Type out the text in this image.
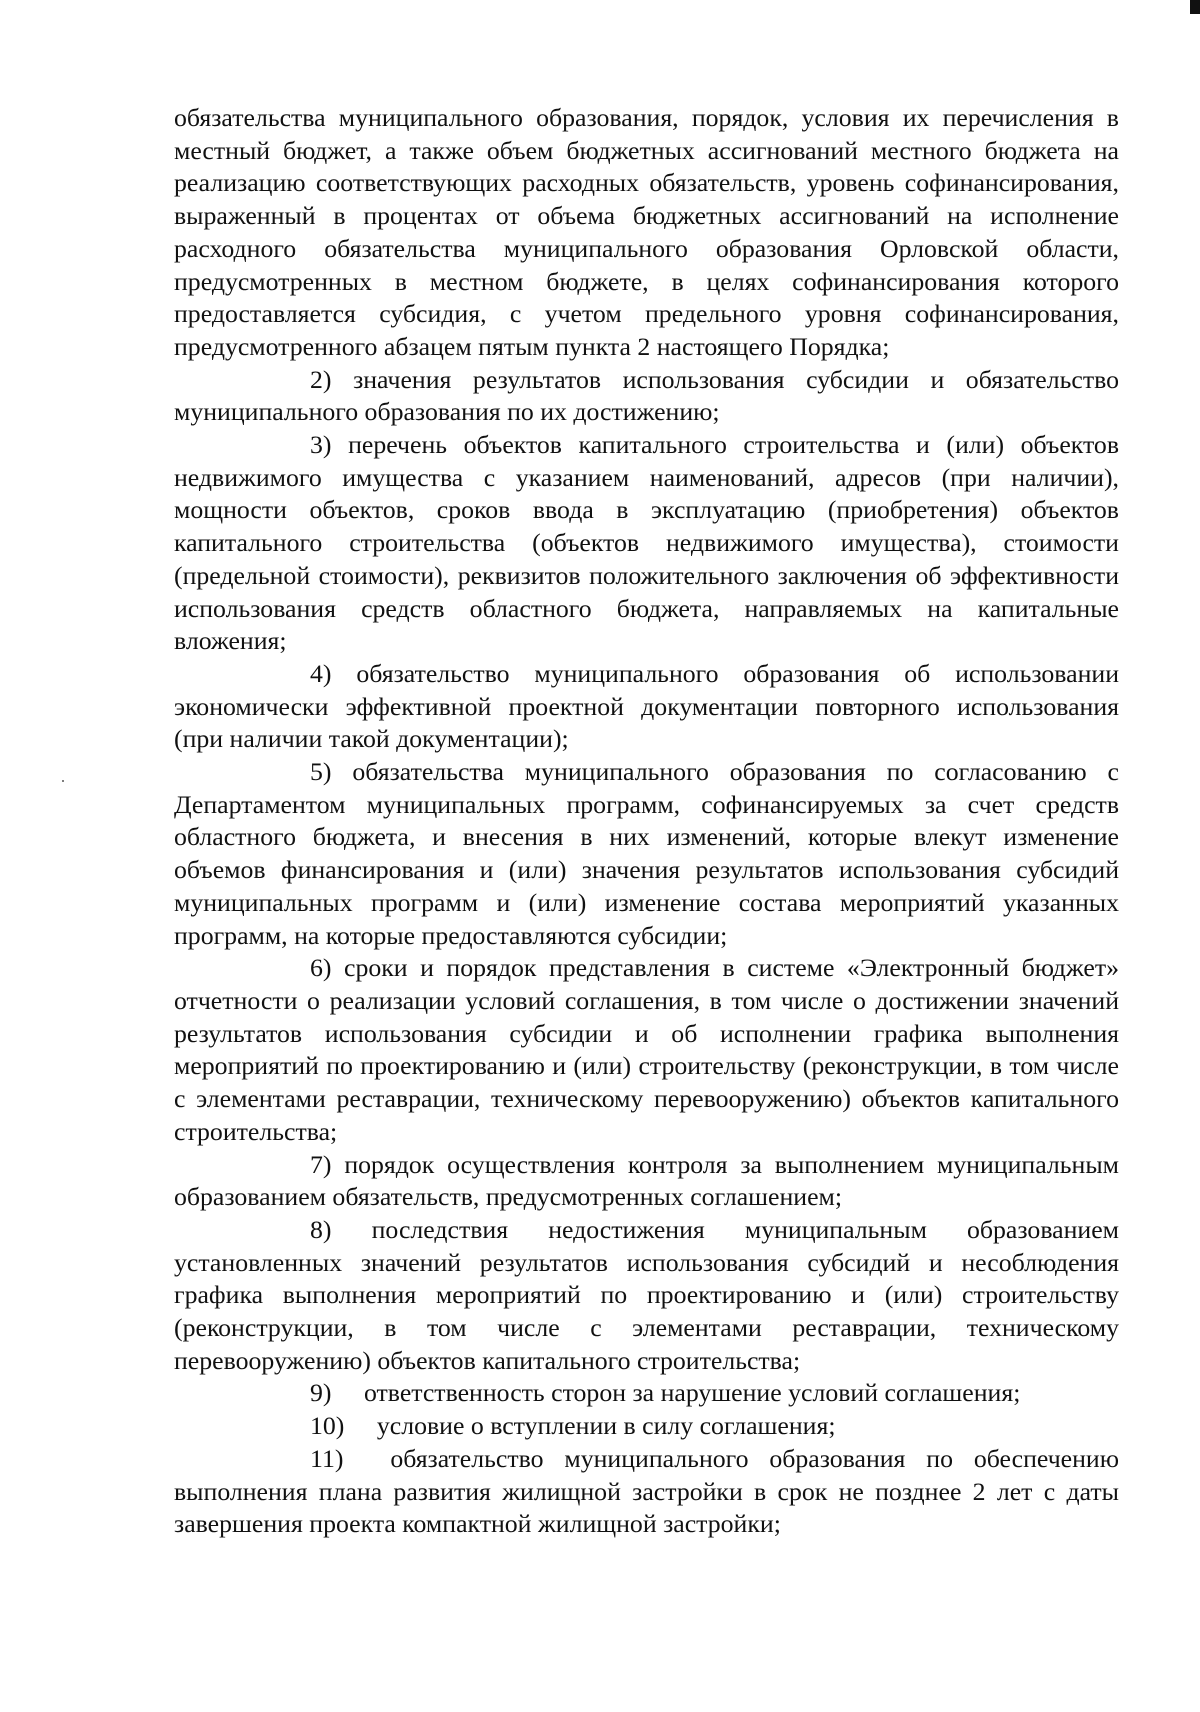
обязательства муниципального образования, порядок, условия их перечисления в местный бюджет, а также объем бюджетных ассигнований местного бюджета на реализацию соответствующих расходных обязательств, уровень софинансирования, выраженный в процентах от объема бюджетных ассигнований на исполнение расходного обязательства муниципального образования Орловской области, предусмотренных в местном бюджете, в целях софинансирования которого предоставляется субсидия, с учетом предельного уровня софинансирования, предусмотренного абзацем пятым пункта 2 настоящего Порядка;

2) значения результатов использования субсидии и обязательство муниципального образования по их достижению;

3) перечень объектов капитального строительства и (или) объектов недвижимого имущества с указанием наименований, адресов (при наличии), мощности объектов, сроков ввода в эксплуатацию (приобретения) объектов капитального строительства (объектов недвижимого имущества), стоимости (предельной стоимости), реквизитов положительного заключения об эффективности использования средств областного бюджета, направляемых на капитальные вложения;

4) обязательство муниципального образования об использовании экономически эффективной проектной документации повторного использования (при наличии такой документации);

5) обязательства муниципального образования по согласованию с Департаментом муниципальных программ, софинансируемых за счет средств областного бюджета, и внесения в них изменений, которые влекут изменение объемов финансирования и (или) значения результатов использования субсидий муниципальных программ и (или) изменение состава мероприятий указанных программ, на которые предоставляются субсидии;

6) сроки и порядок представления в системе «Электронный бюджет» отчетности о реализации условий соглашения, в том числе о достижении значений результатов использования субсидии и об исполнении графика выполнения мероприятий по проектированию и (или) строительству (реконструкции, в том числе с элементами реставрации, техническому перевооружению) объектов капитального строительства;

7) порядок осуществления контроля за выполнением муниципальным образованием обязательств, предусмотренных соглашением;

8) последствия недостижения муниципальным образованием установленных значений результатов использования субсидий и несоблюдения графика выполнения мероприятий по проектированию и (или) строительству (реконструкции, в том числе с элементами реставрации, техническому перевооружению) объектов капитального строительства;

9) ответственность сторон за нарушение условий соглашения;

10) условие о вступлении в силу соглашения;

11) обязательство муниципального образования по обеспечению выполнения плана развития жилищной застройки в срок не позднее 2 лет с даты завершения проекта компактной жилищной застройки;
